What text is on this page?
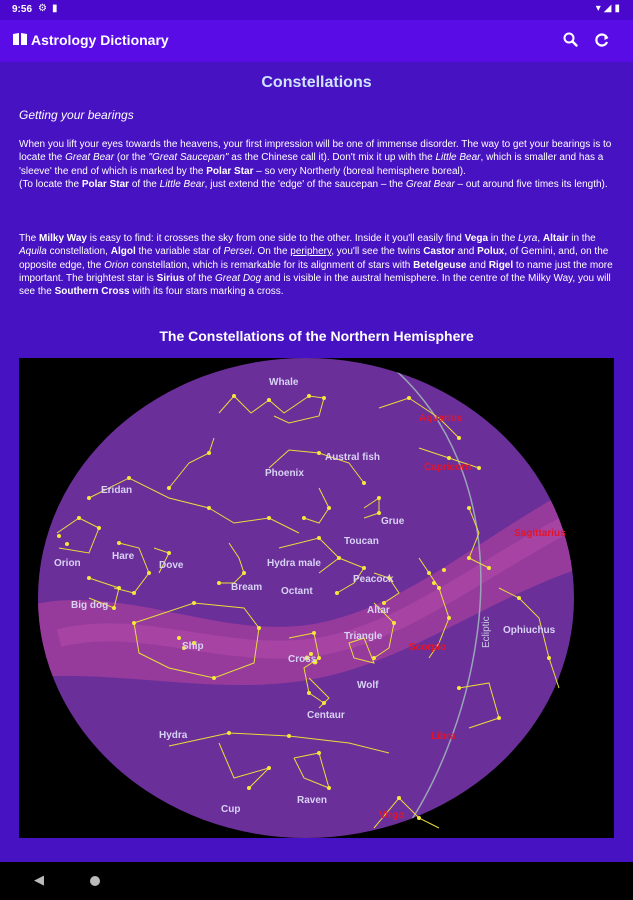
9:56 ⚙ ▮	▾◢▮
Astrology Dictionary
Constellations
Getting your bearings
When you lift your eyes towards the heavens, your first impression will be one of immense disorder. The way to get your bearings is to locate the Great Bear (or the "Great Saucepan" as the Chinese call it). Don't mix it up with the Little Bear, which is smaller and has a 'sleeve' the end of which is marked by the Polar Star – so very Northerly (boreal hemisphere boreal).
(To locate the Polar Star of the Little Bear, just extend the 'edge' of the saucepan – the Great Bear – out around five times its length).
The Milky Way is easy to find: it crosses the sky from one side to the other. Inside it you'll easily find Vega in the Lyra, Altair in the Aquila constellation, Algol the variable star of Persei. On the periphery, you'll see the twins Castor and Polux, of Gemini, and, on the opposite edge, the Orion constellation, which is remarkable for its alignment of stars with Betelgeuse and Rigel to name just the more important. The brightest star is Sirius of the Great Dog and is visible in the austral hemisphere. In the centre of the Milky Way, you will see the Southern Cross with its four stars marking a cross.
The Constellations of the Northern Hemisphere
Whale
Austral fish
Phoenix
Eridan
Grue
Toucan
Orion
Hare
Dove	Hydra male
Peacock
Bream Octant
Big dog	Altar
Triangle
Ship
Cross
Wolf
Centaur
Hydra
Raven
Cup
Ophiuchus
Aquarius
Capricorn
Sagittarius
Scorpio
Libra
Virgo
Ecliptic
◀
